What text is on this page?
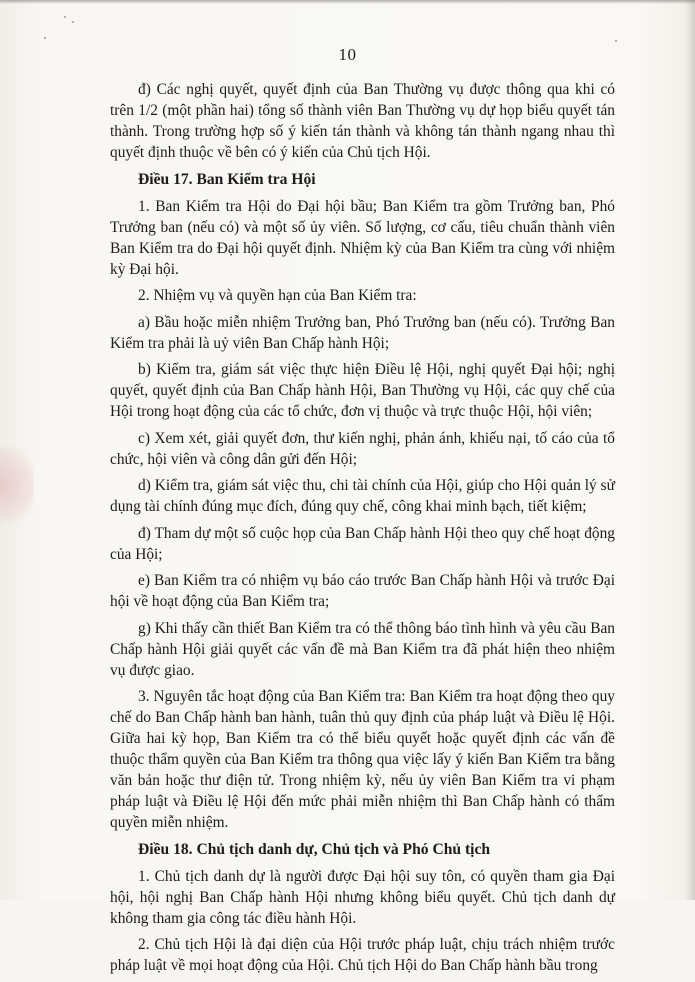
10

đ) Các nghị quyết, quyết định của Ban Thường vụ được thông qua khi có trên 1/2 (một phần hai) tổng số thành viên Ban Thường vụ dự họp biểu quyết tán thành. Trong trường hợp số ý kiến tán thành và không tán thành ngang nhau thì quyết định thuộc về bên có ý kiến của Chủ tịch Hội.

Điều 17. Ban Kiểm tra Hội

1. Ban Kiểm tra Hội do Đại hội bầu; Ban Kiểm tra gồm Trưởng ban, Phó Trưởng ban (nếu có) và một số ủy viên. Số lượng, cơ cấu, tiêu chuẩn thành viên Ban Kiểm tra do Đại hội quyết định. Nhiệm kỳ của Ban Kiểm tra cùng với nhiệm kỳ Đại hội.

2. Nhiệm vụ và quyền hạn của Ban Kiểm tra:

a) Bầu hoặc miễn nhiệm Trưởng ban, Phó Trưởng ban (nếu có). Trưởng Ban Kiểm tra phải là uỷ viên Ban Chấp hành Hội;

b) Kiểm tra, giám sát việc thực hiện Điều lệ Hội, nghị quyết Đại hội; nghị quyết, quyết định của Ban Chấp hành Hội, Ban Thường vụ Hội, các quy chế của Hội trong hoạt động của các tổ chức, đơn vị thuộc và trực thuộc Hội, hội viên;

c) Xem xét, giải quyết đơn, thư kiến nghị, phản ánh, khiếu nại, tố cáo của tổ chức, hội viên và công dân gửi đến Hội;

d) Kiểm tra, giám sát việc thu, chi tài chính của Hội, giúp cho Hội quản lý sử dụng tài chính đúng mục đích, đúng quy chế, công khai minh bạch, tiết kiệm;

đ) Tham dự một số cuộc họp của Ban Chấp hành Hội theo quy chế hoạt động của Hội;

e) Ban Kiểm tra có nhiệm vụ báo cáo trước Ban Chấp hành Hội và trước Đại hội về hoạt động của Ban Kiểm tra;

g) Khi thấy cần thiết Ban Kiểm tra có thể thông báo tình hình và yêu cầu Ban Chấp hành Hội giải quyết các vấn đề mà Ban Kiểm tra đã phát hiện theo nhiệm vụ được giao.

3. Nguyên tắc hoạt động của Ban Kiểm tra: Ban Kiểm tra hoạt động theo quy chế do Ban Chấp hành ban hành, tuân thủ quy định của pháp luật và Điều lệ Hội. Giữa hai kỳ họp, Ban Kiểm tra có thể biểu quyết hoặc quyết định các vấn đề thuộc thẩm quyền của Ban Kiểm tra thông qua việc lấy ý kiến Ban Kiểm tra bằng văn bản hoặc thư điện tử. Trong nhiệm kỳ, nếu ủy viên Ban Kiểm tra vi phạm pháp luật và Điều lệ Hội đến mức phải miễn nhiệm thì Ban Chấp hành có thẩm quyền miễn nhiệm.

Điều 18. Chủ tịch danh dự, Chủ tịch và Phó Chủ tịch

1. Chủ tịch danh dự là người được Đại hội suy tôn, có quyền tham gia Đại hội, hội nghị Ban Chấp hành Hội nhưng không biểu quyết. Chủ tịch danh dự không tham gia công tác điều hành Hội.

2. Chủ tịch Hội là đại diện của Hội trước pháp luật, chịu trách nhiệm trước pháp luật về mọi hoạt động của Hội. Chủ tịch Hội do Ban Chấp hành bầu trong
